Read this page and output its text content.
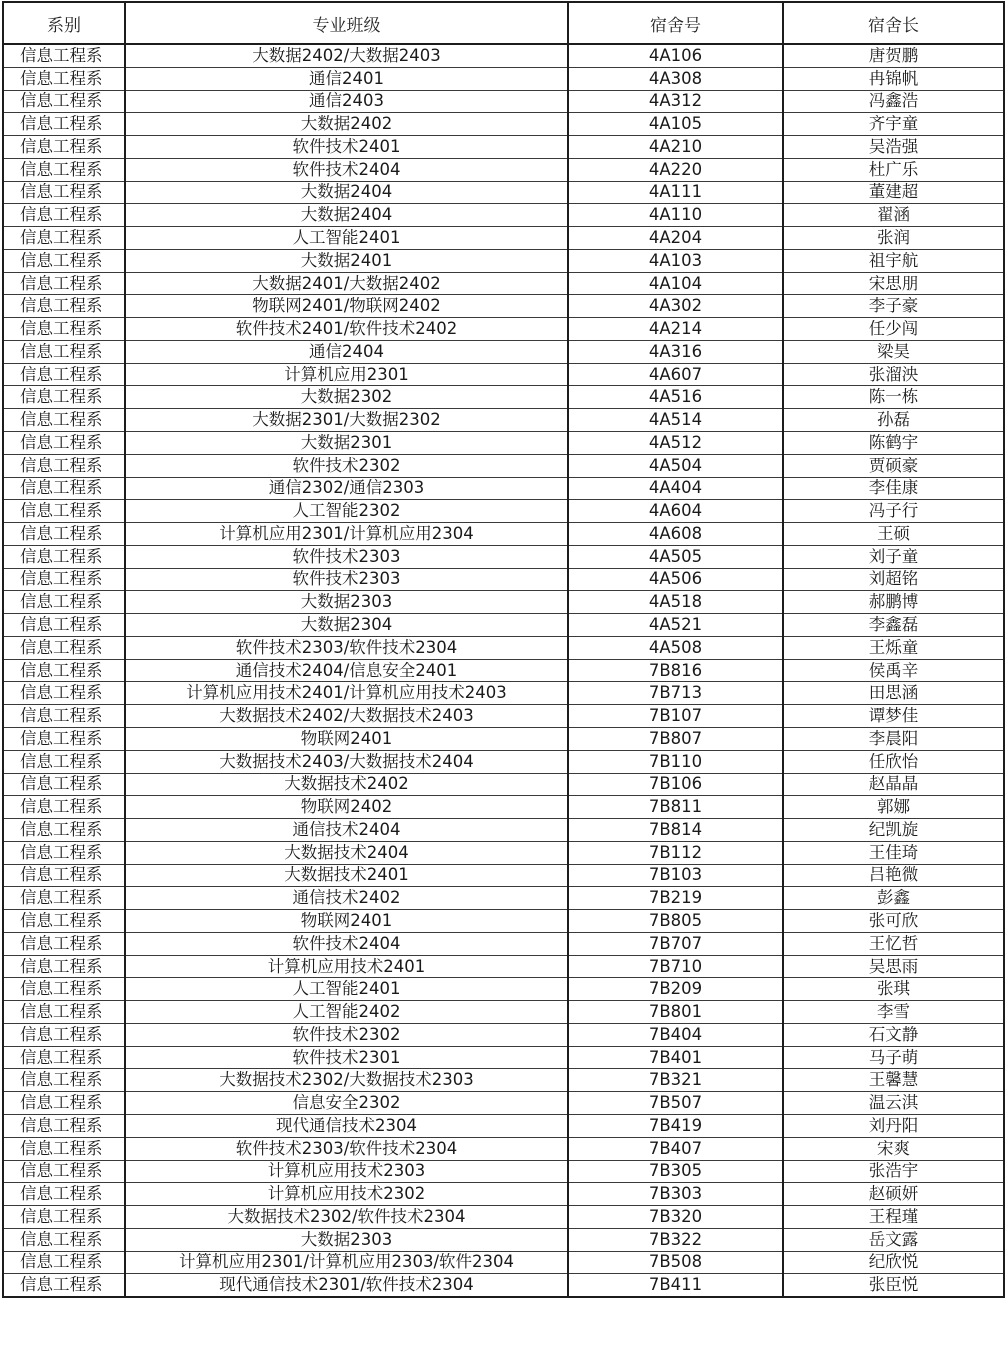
系别	专业班级	宿舍号	宿舍长
信息工程系	大数据2402/大数据2403	4A106	唐贺鹏
信息工程系	通信2401	4A308	冉锦帆
信息工程系	通信2403	4A312	冯鑫浩
信息工程系	大数据2402	4A105	齐宇童
信息工程系	软件技术2401	4A210	吴浩强
信息工程系	软件技术2404	4A220	杜广乐
信息工程系	大数据2404	4A111	董建超
信息工程系	大数据2404	4A110	翟涵
信息工程系	人工智能2401	4A204	张润
信息工程系	大数据2401	4A103	祖宇航
信息工程系	大数据2401/大数据2402	4A104	宋思朋
信息工程系	物联网2401/物联网2402	4A302	李子豪
信息工程系	软件技术2401/软件技术2402	4A214	任少闯
信息工程系	通信2404	4A316	梁昊
信息工程系	计算机应用2301	4A607	张溜泱
信息工程系	大数据2302	4A516	陈一栋
信息工程系	大数据2301/大数据2302	4A514	孙磊
信息工程系	大数据2301	4A512	陈鹤宇
信息工程系	软件技术2302	4A504	贾硕豪
信息工程系	通信2302/通信2303	4A404	李佳康
信息工程系	人工智能2302	4A604	冯子行
信息工程系	计算机应用2301/计算机应用2304	4A608	王硕
信息工程系	软件技术2303	4A505	刘子童
信息工程系	软件技术2303	4A506	刘超铭
信息工程系	大数据2303	4A518	郝鹏博
信息工程系	大数据2304	4A521	李鑫磊
信息工程系	软件技术2303/软件技术2304	4A508	王烁童
信息工程系	通信技术2404/信息安全2401	7B816	侯禹辛
信息工程系	计算机应用技术2401/计算机应用技术2403	7B713	田思涵
信息工程系	大数据技术2402/大数据技术2403	7B107	谭梦佳
信息工程系	物联网2401	7B807	李晨阳
信息工程系	大数据技术2403/大数据技术2404	7B110	任欣怡
信息工程系	大数据技术2402	7B106	赵晶晶
信息工程系	物联网2402	7B811	郭娜
信息工程系	通信技术2404	7B814	纪凯旋
信息工程系	大数据技术2404	7B112	王佳琦
信息工程系	大数据技术2401	7B103	吕艳微
信息工程系	通信技术2402	7B219	彭鑫
信息工程系	物联网2401	7B805	张可欣
信息工程系	软件技术2404	7B707	王忆哲
信息工程系	计算机应用技术2401	7B710	吴思雨
信息工程系	人工智能2401	7B209	张琪
信息工程系	人工智能2402	7B801	李雪
信息工程系	软件技术2302	7B404	石文静
信息工程系	软件技术2301	7B401	马子萌
信息工程系	大数据技术2302/大数据技术2303	7B321	王馨慧
信息工程系	信息安全2302	7B507	温云淇
信息工程系	现代通信技术2304	7B419	刘丹阳
信息工程系	软件技术2303/软件技术2304	7B407	宋爽
信息工程系	计算机应用技术2303	7B305	张浩宇
信息工程系	计算机应用技术2302	7B303	赵硕妍
信息工程系	大数据技术2302/软件技术2304	7B320	王程瑾
信息工程系	大数据2303	7B322	岳文露
信息工程系	计算机应用2301/计算机应用2303/软件2304	7B508	纪欣悦
信息工程系	现代通信技术2301/软件技术2304	7B411	张臣悦
